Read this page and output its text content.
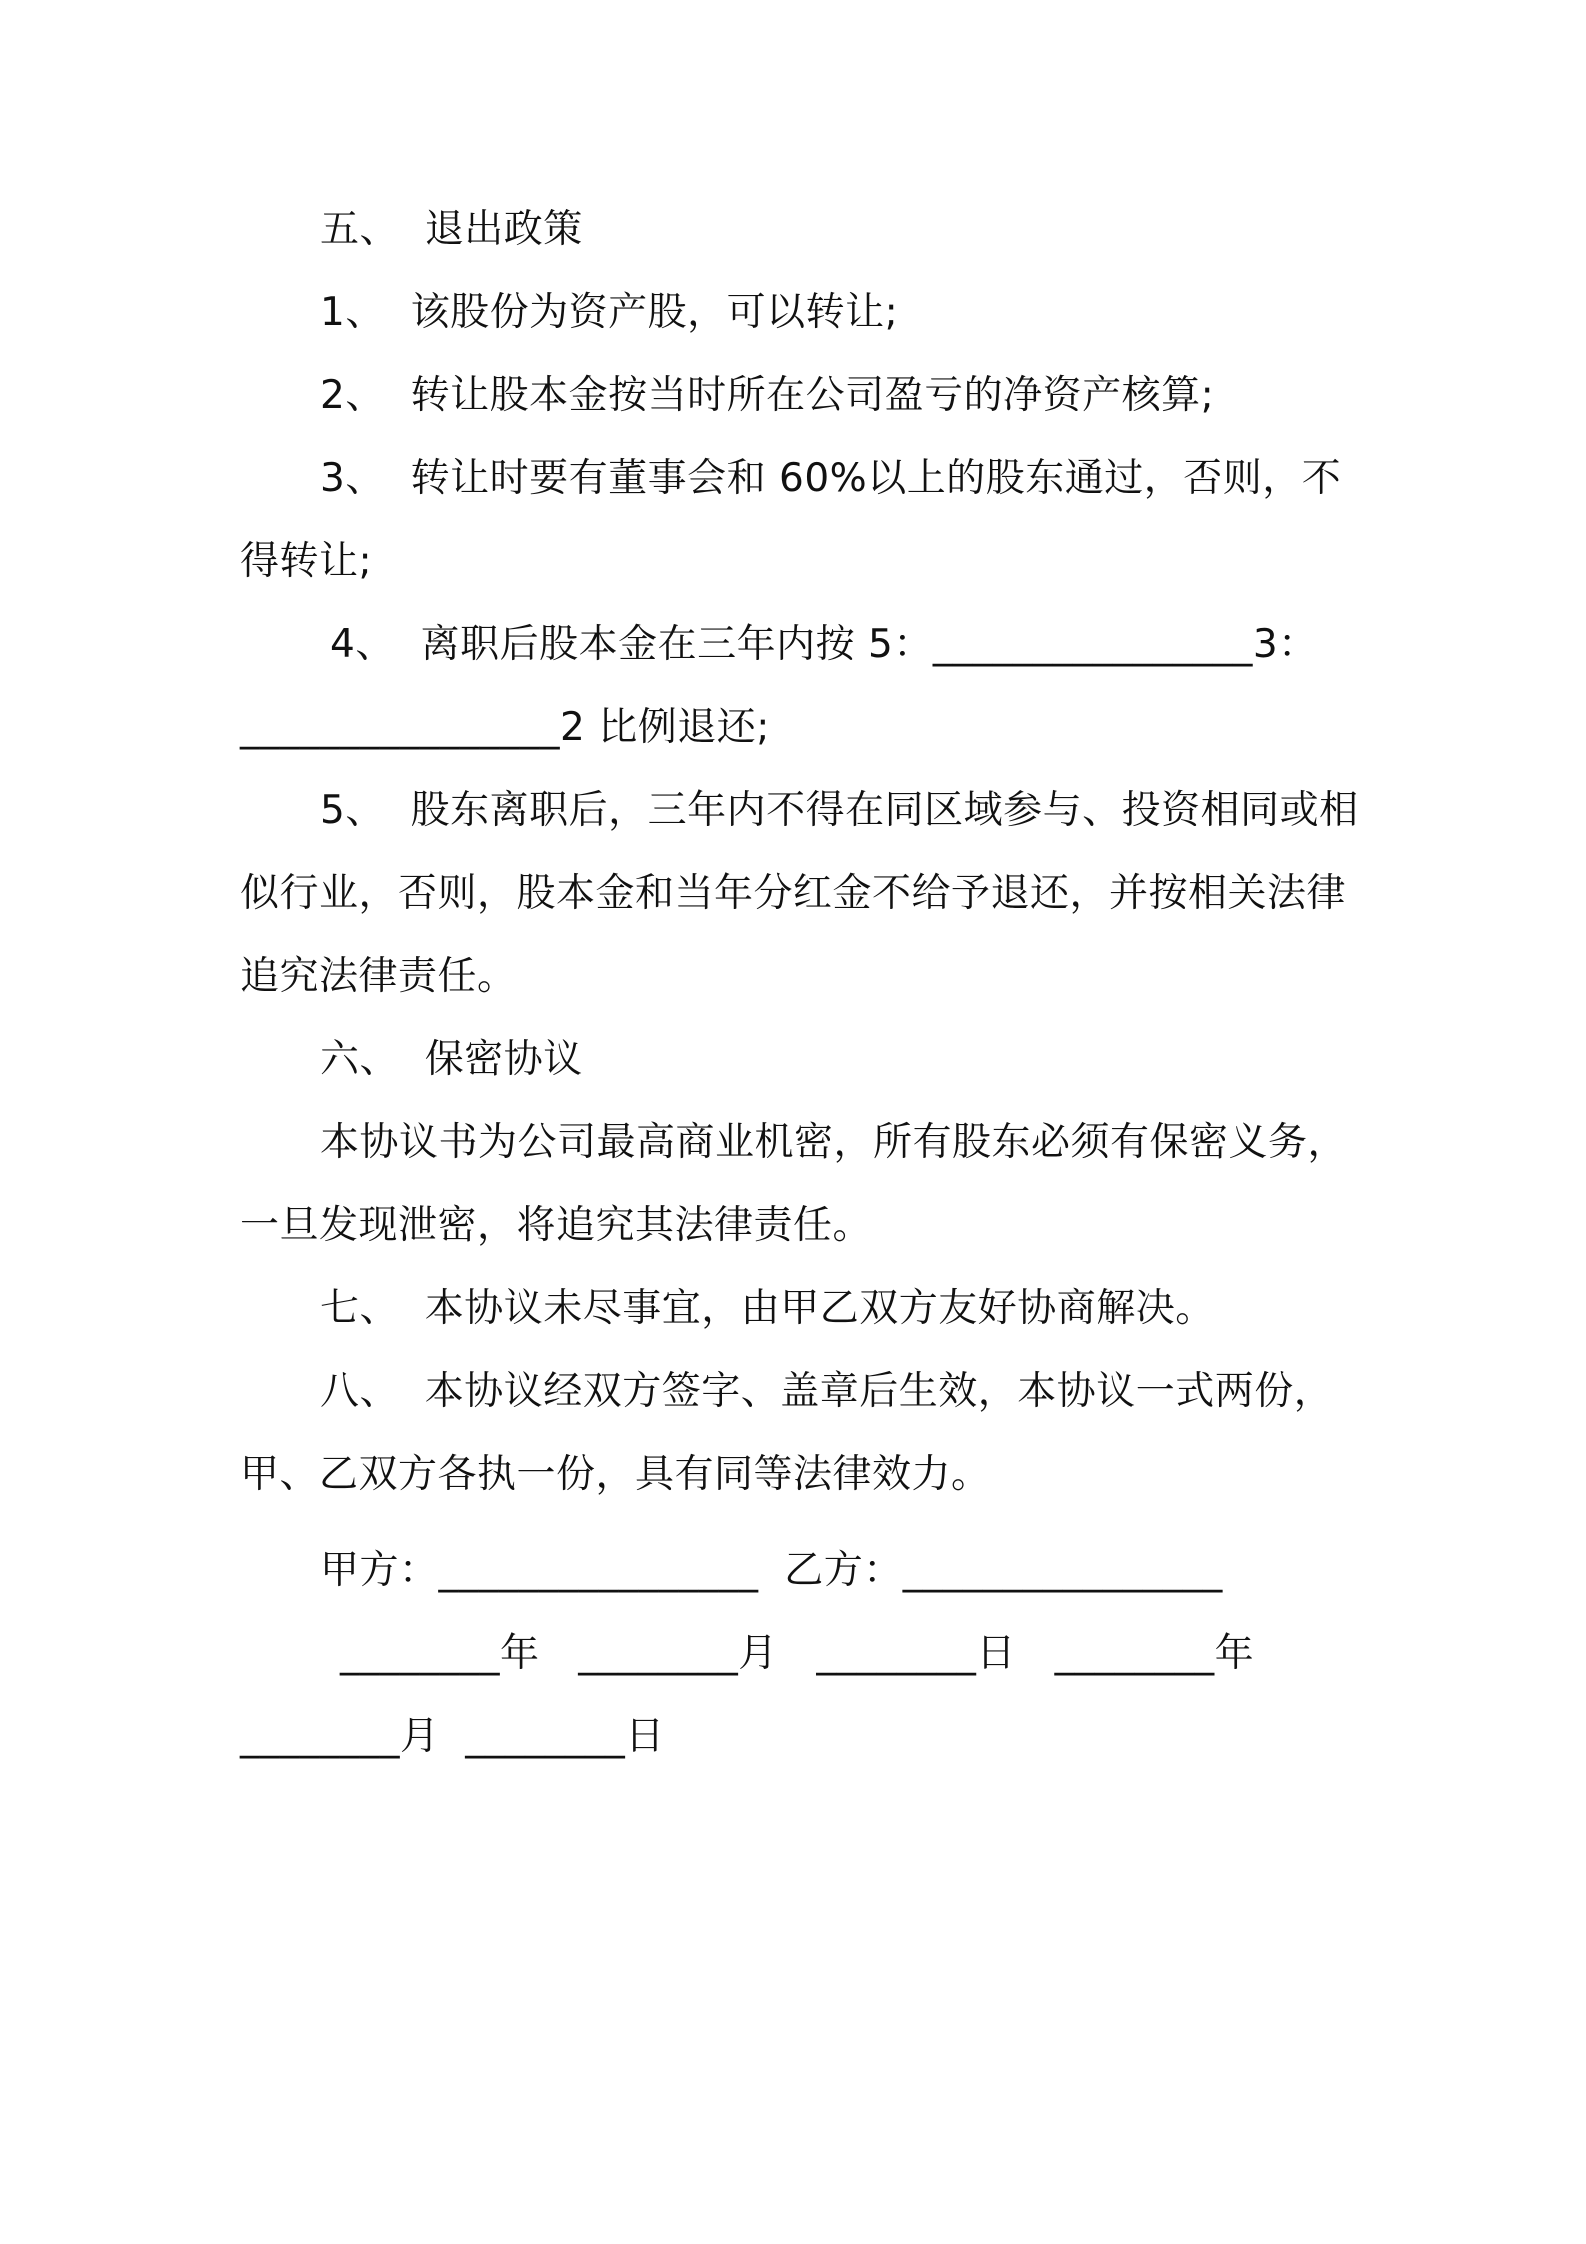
五、  退出政策
1、  该股份为资产股，可以转让;
2、  转让股本金按当时所在公司盈亏的净资产核算;
3、  转让时要有董事会和 60%以上的股东通过，否则，不
得转让;
4、  离职后股本金在三年内按 5：________________3：
________________2 比例退还;
5、  股东离职后，三年内不得在同区域参与、投资相同或相
似行业，否则，股本金和当年分红金不给予退还，并按相关法律
追究法律责任。
六、  保密协议
本协议书为公司最高商业机密，所有股东必须有保密义务，
一旦发现泄密，将追究其法律责任。
七、  本协议未尽事宜，由甲乙双方友好协商解决。
八、  本协议经双方签字、盖章后生效，本协议一式两份，
甲、乙双方各执一份，具有同等法律效力。
甲方：________________  乙方：________________
________年   ________月   ________日   ________年
________月  ________日
